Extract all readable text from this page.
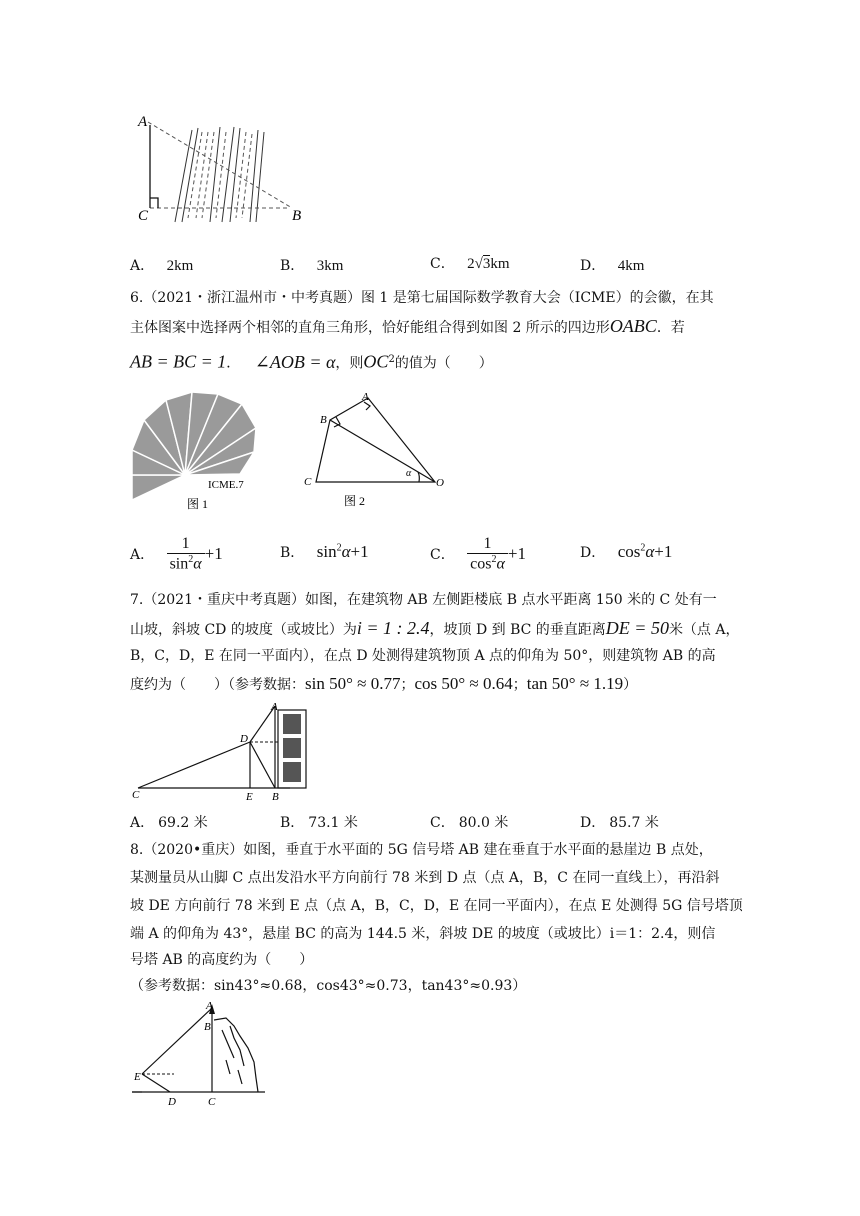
A
C	B
A． 2km	B． 3km	C． 2√3km	D． 4km
6.（2021・浙江温州市・中考真题）图 1 是第七届国际数学教育大会（ICME）的会徽，在其
主体图案中选择两个相邻的直角三角形，恰好能组合得到如图 2 所示的四边形OABC．若
AB = BC = 1． ∠AOB = α，则$OC^2$的值为（　　）
ICME.7
图 1
A
B
C	O
α
图 2
A． $\frac{1}{\sin^2\alpha} +1$	B． $\sin^2\alpha+1$	C． $\frac{1}{\cos^2\alpha} +1$	D． $\cos^2\alpha+1$
7.（2021・重庆中考真题）如图，在建筑物 AB 左侧距楼底 B 点水平距离 150 米的 C 处有一
山坡，斜坡 CD 的坡度（或坡比）为i = 1 : 2.4，坡顶 D 到 BC 的垂直距离DE = 50米（点 A，
B，C，D，E 在同一平面内），在点 D 处测得建筑物顶 A 点的仰角为 50°，则建筑物 AB 的高
度约为（　　）（参考数据：sin 50° ≈ 0.77；cos 50° ≈ 0.64；tan 50° ≈ 1.19）
A
D
C	E B
A． 69.2 米	B． 73.1 米	C． 80.0 米	D． 85.7 米
8.（2020•重庆）如图，垂直于水平面的 5G 信号塔 AB 建在垂直于水平面的悬崖边 B 点处，
某测量员从山脚 C 点出发沿水平方向前行 78 米到 D 点（点 A，B，C 在同一直线上），再沿斜
坡 DE 方向前行 78 米到 E 点（点 A，B，C，D，E 在同一平面内），在点 E 处测得 5G 信号塔顶
端 A 的仰角为 43°，悬崖 BC 的高为 144.5 米，斜坡 DE 的坡度（或坡比）i＝1：2.4，则信
号塔 AB 的高度约为（　　）
（参考数据：sin43°≈0.68，cos43°≈0.73，tan43°≈0.93）
A
B
E
D	C
